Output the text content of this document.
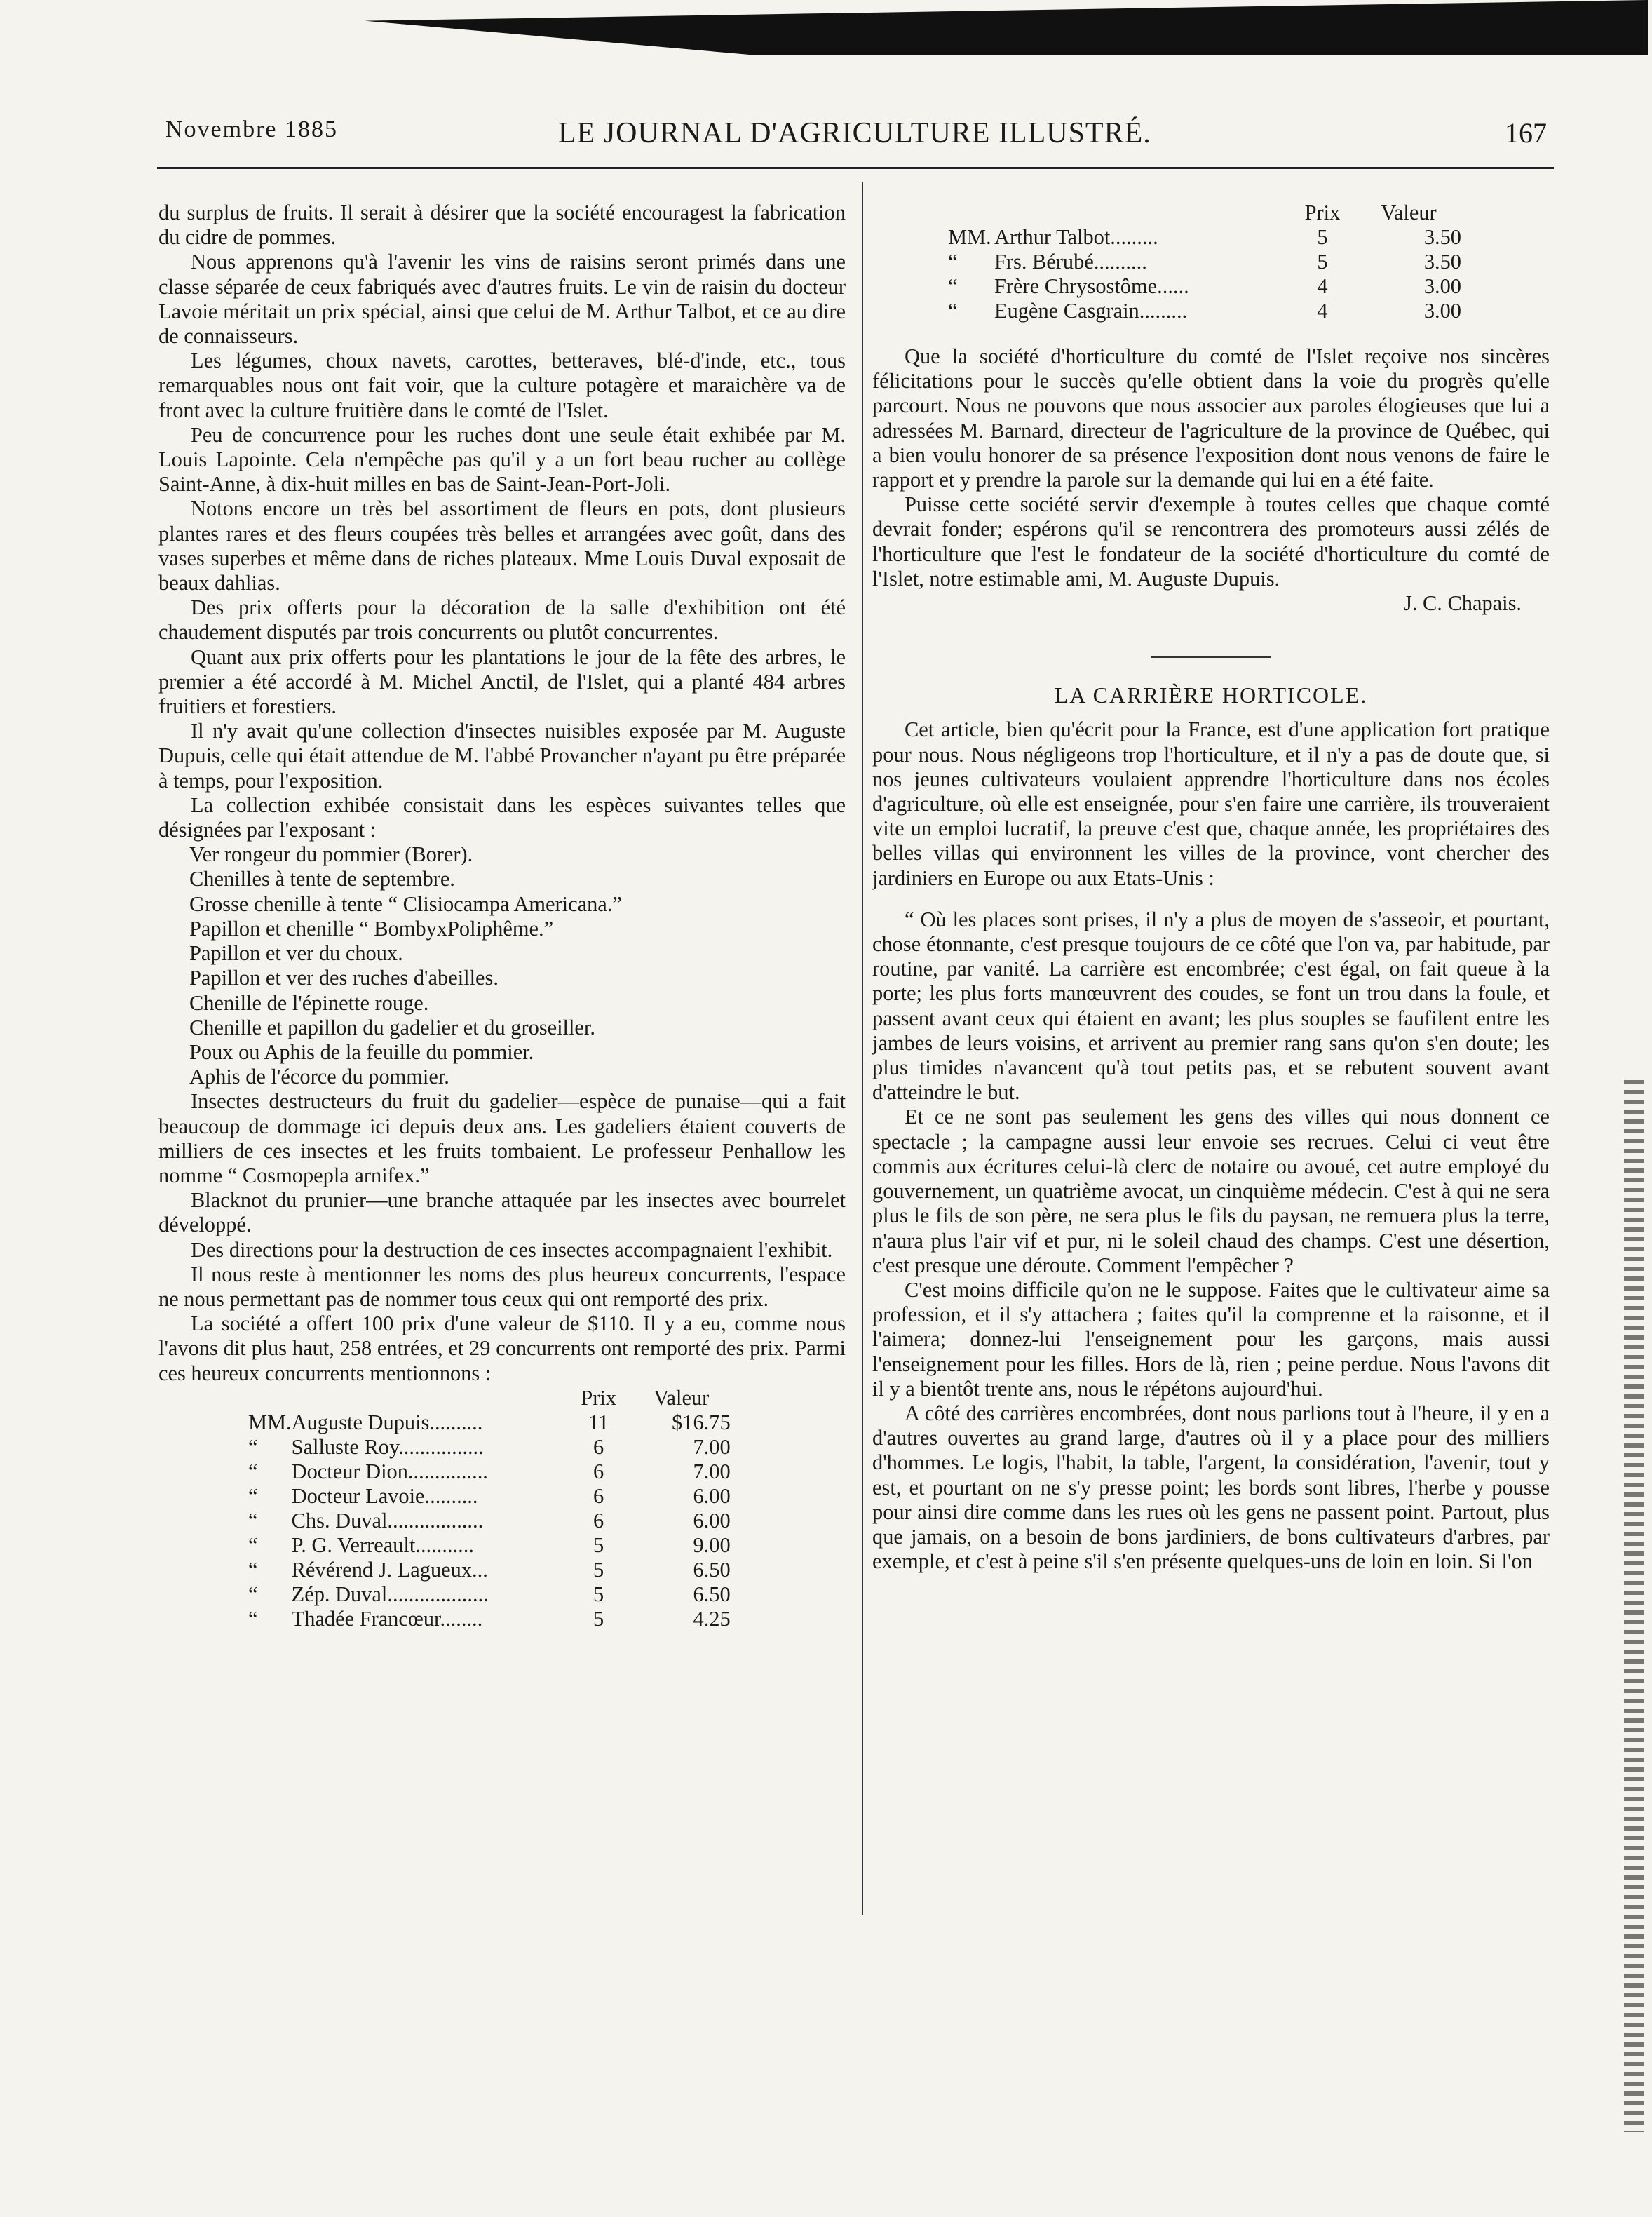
Novembre 1885	LE JOURNAL D'AGRICULTURE ILLUSTRÉ.	167

du surplus de fruits. Il serait à désirer que la société encouragest la fabrication du cidre de pommes.

Nous apprenons qu'à l'avenir les vins de raisins seront primés dans une classe séparée de ceux fabriqués avec d'autres fruits. Le vin de raisin du docteur Lavoie méritait un prix spécial, ainsi que celui de M. Arthur Talbot, et ce au dire de connaisseurs.

Les légumes, choux navets, carottes, betteraves, blé-d'inde, etc., tous remarquables nous ont fait voir, que la culture potagère et maraichère va de front avec la culture fruitière dans le comté de l'Islet.

Peu de concurrence pour les ruches dont une seule était exhibée par M. Louis Lapointe. Cela n'empêche pas qu'il y a un fort beau rucher au collège Saint-Anne, à dix-huit milles en bas de Saint-Jean-Port-Joli.

Notons encore un très bel assortiment de fleurs en pots, dont plusieurs plantes rares et des fleurs coupées très belles et arrangées avec goût, dans des vases superbes et même dans de riches plateaux. Mme Louis Duval exposait de beaux dahlias.

Des prix offerts pour la décoration de la salle d'exhibition ont été chaudement disputés par trois concurrents ou plutôt concurrentes.

Quant aux prix offerts pour les plantations le jour de la fête des arbres, le premier a été accordé à M. Michel Anctil, de l'Islet, qui a planté 484 arbres fruitiers et forestiers.

Il n'y avait qu'une collection d'insectes nuisibles exposée par M. Auguste Dupuis, celle qui était attendue de M. l'abbé Provancher n'ayant pu être préparée à temps, pour l'exposition.

La collection exhibée consistait dans les espèces suivantes telles que désignées par l'exposant :

Ver rongeur du pommier (Borer).
Chenilles à tente de septembre.
Grosse chenille à tente “ Clisiocampa Americana.”
Papillon et chenille “ BombyxPoliphême.”
Papillon et ver du choux.
Papillon et ver des ruches d'abeilles.
Chenille de l'épinette rouge.
Chenille et papillon du gadelier et du groseiller.
Poux ou Aphis de la feuille du pommier.
Aphis de l'écorce du pommier.

Insectes destructeurs du fruit du gadelier—espèce de punaise—qui a fait beaucoup de dommage ici depuis deux ans. Les gadeliers étaient couverts de milliers de ces insectes et les fruits tombaient. Le professeur Penhallow les nomme “ Cosmopepla arnifex.”

Blacknot du prunier—une branche attaquée par les insectes avec bourrelet développé.

Des directions pour la destruction de ces insectes accompagnaient l'exhibit.

Il nous reste à mentionner les noms des plus heureux concurrents, l'espace ne nous permettant pas de nommer tous ceux qui ont remporté des prix.

La société a offert 100 prix d'une valeur de $110. Il y a eu, comme nous l'avons dit plus haut, 258 entrées, et 29 concurrents ont remporté des prix. Parmi ces heureux concurrents mentionnons :

		Prix	Valeur
MM.	Auguste Dupuis..........	11	$16.75
“	Salluste Roy................	6	7.00
“	Docteur Dion...............	6	7.00
“	Docteur Lavoie..........	6	6.00
“	Chs. Duval..................	6	6.00
“	P. G. Verreault...........	5	9.00
“	Révérend J. Lagueux...	5	6.50
“	Zép. Duval...................	5	6.50
“	Thadée Francœur........	5	4.25
		Prix	Valeur
MM.	Arthur Talbot.........	5	3.50
“	Frs. Bérubé..........	5	3.50
“	Frère Chrysostôme......	4	3.00
“	Eugène Casgrain.........	4	3.00

Que la société d'horticulture du comté de l'Islet reçoive nos sincères félicitations pour le succès qu'elle obtient dans la voie du progrès qu'elle parcourt. Nous ne pouvons que nous associer aux paroles élogieuses que lui a adressées M. Barnard, directeur de l'agriculture de la province de Québec, qui a bien voulu honorer de sa présence l'exposition dont nous venons de faire le rapport et y prendre la parole sur la demande qui lui en a été faite.

Puisse cette société servir d'exemple à toutes celles que chaque comté devrait fonder; espérons qu'il se rencontrera des promoteurs aussi zélés de l'horticulture que l'est le fondateur de la société d'horticulture du comté de l'Islet, notre estimable ami, M. Auguste Dupuis.

J. C. Chapais.
LA CARRIÈRE HORTICOLE.

Cet article, bien qu'écrit pour la France, est d'une application fort pratique pour nous. Nous négligeons trop l'horticulture, et il n'y a pas de doute que, si nos jeunes cultivateurs voulaient apprendre l'horticulture dans nos écoles d'agriculture, où elle est enseignée, pour s'en faire une carrière, ils trouveraient vite un emploi lucratif, la preuve c'est que, chaque année, les propriétaires des belles villas qui environnent les villes de la province, vont chercher des jardiniers en Europe ou aux Etats-Unis :

“ Où les places sont prises, il n'y a plus de moyen de s'asseoir, et pourtant, chose étonnante, c'est presque toujours de ce côté que l'on va, par habitude, par routine, par vanité. La carrière est encombrée; c'est égal, on fait queue à la porte; les plus forts manœuvrent des coudes, se font un trou dans la foule, et passent avant ceux qui étaient en avant; les plus souples se faufilent entre les jambes de leurs voisins, et arrivent au premier rang sans qu'on s'en doute; les plus timides n'avancent qu'à tout petits pas, et se rebutent souvent avant d'atteindre le but.

Et ce ne sont pas seulement les gens des villes qui nous donnent ce spectacle ; la campagne aussi leur envoie ses recrues. Celui ci veut être commis aux écritures celui-là clerc de notaire ou avoué, cet autre employé du gouvernement, un quatrième avocat, un cinquième médecin. C'est à qui ne sera plus le fils de son père, ne sera plus le fils du paysan, ne remuera plus la terre, n'aura plus l'air vif et pur, ni le soleil chaud des champs. C'est une désertion, c'est presque une déroute. Comment l'empêcher ?

C'est moins difficile qu'on ne le suppose. Faites que le cultivateur aime sa profession, et il s'y attachera ; faites qu'il la comprenne et la raisonne, et il l'aimera; donnez-lui l'enseignement pour les garçons, mais aussi l'enseignement pour les filles. Hors de là, rien ; peine perdue. Nous l'avons dit il y a bientôt trente ans, nous le répétons aujourd'hui.

A côté des carrières encombrées, dont nous parlions tout à l'heure, il y en a d'autres ouvertes au grand large, d'autres où il y a place pour des milliers d'hommes. Le logis, l'habit, la table, l'argent, la considération, l'avenir, tout y est, et pourtant on ne s'y presse point; les bords sont libres, l'herbe y pousse pour ainsi dire comme dans les rues où les gens ne passent point. Partout, plus que jamais, on a besoin de bons jardiniers, de bons cultivateurs d'arbres, par exemple, et c'est à peine s'il s'en présente quelques-uns de loin en loin. Si l'on
